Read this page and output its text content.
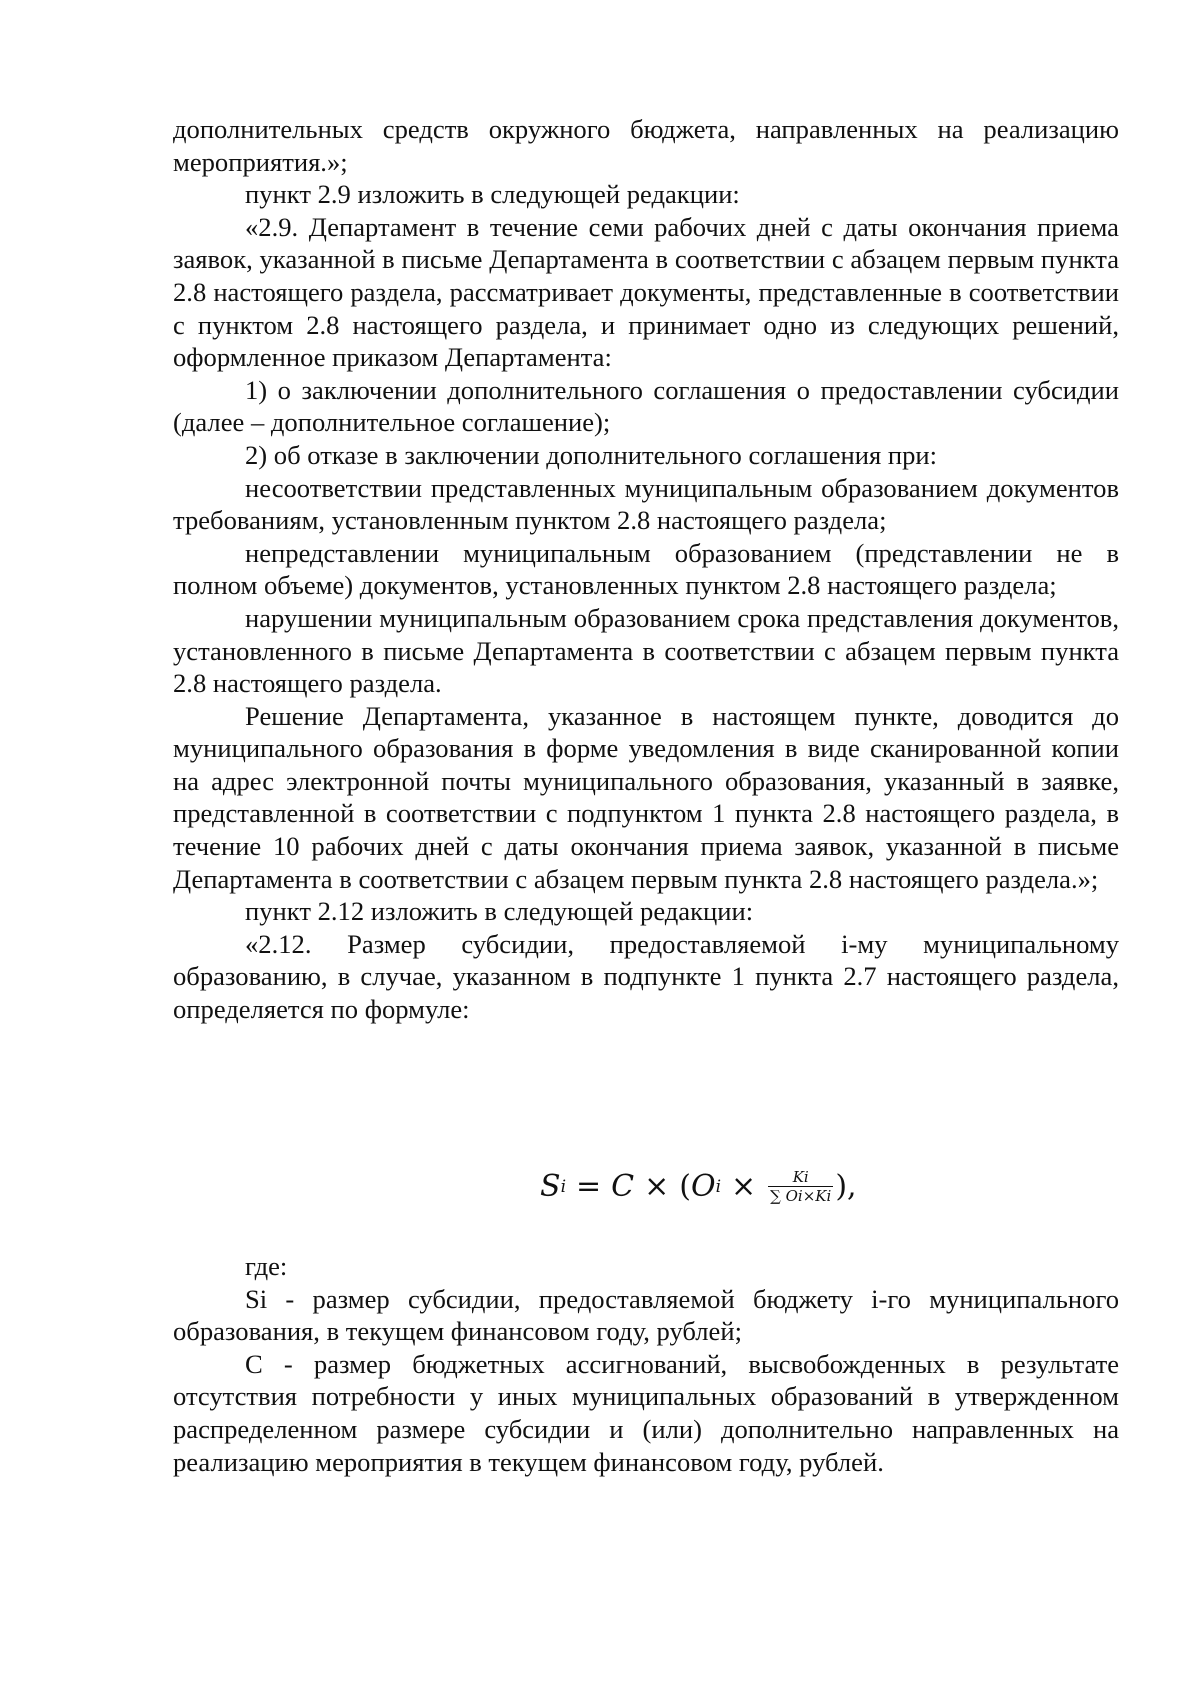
дополнительных средств окружного бюджета, направленных на реализацию мероприятия.»;

пункт 2.9 изложить в следующей редакции:

«2.9. Департамент в течение семи рабочих дней с даты окончания приема заявок, указанной в письме Департамента в соответствии с абзацем первым пункта 2.8 настоящего раздела, рассматривает документы, представленные в соответствии с пунктом 2.8 настоящего раздела, и принимает одно из следующих решений, оформленное приказом Департамента:

1) о заключении дополнительного соглашения о предоставлении субсидии (далее – дополнительное соглашение);

2) об отказе в заключении дополнительного соглашения при:

несоответствии представленных муниципальным образованием документов требованиям, установленным пунктом 2.8 настоящего раздела;

непредставлении муниципальным образованием (представлении не в полном объеме) документов, установленных пунктом 2.8 настоящего раздела;

нарушении муниципальным образованием срока представления документов, установленного в письме Департамента в соответствии с абзацем первым пункта 2.8 настоящего раздела.

Решение Департамента, указанное в настоящем пункте, доводится до муниципального образования в форме уведомления в виде сканированной копии на адрес электронной почты муниципального образования, указанный в заявке, представленной в соответствии с подпунктом 1 пункта 2.8 настоящего раздела, в течение 10 рабочих дней с даты окончания приема заявок, указанной в письме Департамента в соответствии с абзацем первым пункта 2.8 настоящего раздела.»;

пункт 2.12 изложить в следующей редакции:

«2.12. Размер субсидии, предоставляемой i-му муниципальному образованию, в случае, указанном в подпункте 1 пункта 2.7 настоящего раздела, определяется по формуле:

S i = C × ( O $i \times \frac{Ki}{\sum Oi\times Ki}$ ),

где:

Si - размер субсидии, предоставляемой бюджету i-го муниципального образования, в текущем финансовом году, рублей;

С - размер бюджетных ассигнований, высвобожденных в результате отсутствия потребности у иных муниципальных образований в утвержденном распределенном размере субсидии и (или) дополнительно направленных на реализацию мероприятия в текущем финансовом году, рублей.
